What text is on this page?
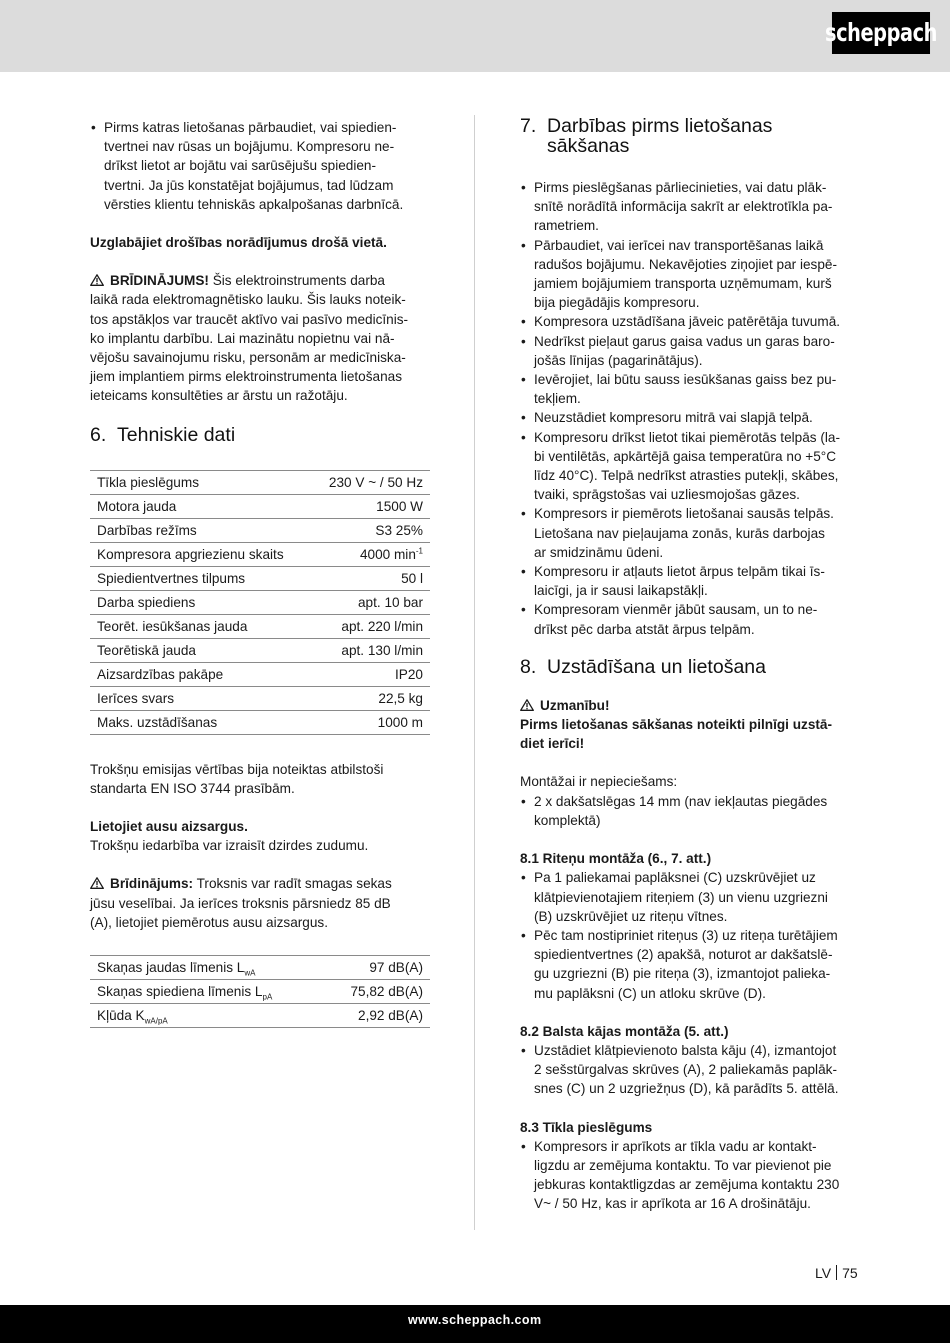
scheppach
• Pirms katras lietošanas pārbaudiet, vai spiedien-
tvertnei nav rūsas un bojājumu. Kompresoru ne-
drīkst lietot ar bojātu vai sarūsējušu spiedien-
tvertni. Ja jūs konstatējat bojājumus, tad lūdzam
vērsties klientu tehniskās apkalpošanas darbnīcā.

Uzglabājiet drošības norādījumus drošā vietā.

BRĪDINĀJUMS! Šis elektroinstruments darba
laikā rada elektromagnētisko lauku. Šis lauks noteik-
tos apstākļos var traucēt aktīvo vai pasīvo medicīnis-
ko implantu darbību. Lai mazinātu nopietnu vai nā-
vējošu savainojumu risku, personām ar medicīniska-
jiem implantiem pirms elektroinstrumenta lietošanas
ieteicams konsultēties ar ārstu un ražotāju.

6. Tehniskie dati
Tīkla pieslēgums	230 V ~ / 50 Hz
Motora jauda	1500 W
Darbības režīms	S3 25%
Kompresora apgriezienu skaits	4000 $\min^{-1}$
Spiedientvertnes tilpums	50 l
Darba spiediens	apt. 10 bar
Teorēt. iesūkšanas jauda	apt. 220 l/min
Teorētiskā jauda	apt. 130 l/min
Aizsardzības pakāpe	IP20
Ierīces svars	22,5 kg
Maks. uzstādīšanas	1000 m

Trokšņu emisijas vērtības bija noteiktas atbilstoši
standarta EN ISO 3744 prasībām.

Lietojiet ausu aizsargus.

Trokšņu iedarbība var izraisīt dzirdes zudumu.

Brīdinājums: Troksnis var radīt smagas sekas
jūsu veselībai. Ja ierīces troksnis pārsniedz 85 dB
(A), lietojiet piemērotus ausu aizsargus.

Skaņas jaudas līmenis $L_{wA}$	97 dB(A)
Skaņas spiediena līmenis $L_{pA}$	75,82 dB(A)
Kļūda $K_{wA/pA}$	2,92 dB(A)
7. Darbības pirms lietošanas
sākšanas
• Pirms pieslēgšanas pārliecinieties, vai datu plāk-
snītē norādītā informācija sakrīt ar elektrotīkla pa-
rametriem.
• Pārbaudiet, vai ierīcei nav transportēšanas laikā
radušos bojājumu. Nekavējoties ziņojiet par iespē-
jamiem bojājumiem transporta uzņēmumam, kurš
bija piegādājis kompresoru.
• Kompresora uzstādīšana jāveic patērētāja tuvumā.
• Nedrīkst pieļaut garus gaisa vadus un garas baro-
jošās līnijas (pagarinātājus).
• Ievērojiet, lai būtu sauss iesūkšanas gaiss bez pu-
tekļiem.
• Neuzstādiet kompresoru mitrā vai slapjā telpā.
• Kompresoru drīkst lietot tikai piemērotās telpās (la-
bi ventilētās, apkārtējā gaisa temperatūra no +5°C
līdz 40°C). Telpā nedrīkst atrasties putekļi, skābes,
tvaiki, sprāgstošas vai uzliesmojošas gāzes.
• Kompresors ir piemērots lietošanai sausās telpās.
Lietošana nav pieļaujama zonās, kurās darbojas
ar smidzināmu ūdeni.
• Kompresoru ir atļauts lietot ārpus telpām tikai īs-
laicīgi, ja ir sausi laikapstākļi.
• Kompresoram vienmēr jābūt sausam, un to ne-
drīkst pēc darba atstāt ārpus telpām.
8. Uzstādīšana un lietošana

Uzmanību!

Pirms lietošanas sākšanas noteikti pilnīgi uzstā-
diet ierīci!

Montāžai ir nepieciešams:

• 2 x dakšatslēgas 14 mm (nav iekļautas piegādes
komplektā)

8.1 Riteņu montāža (6., 7. att.)

• Pa 1 paliekamai paplāksnei (C) uzskrūvējiet uz
klātpievienotajiem riteņiem (3) un vienu uzgriezni
(B) uzskrūvējiet uz riteņu vītnes.
• Pēc tam nostipriniet riteņus (3) uz riteņa turētājiem
spiedientvertnes (2) apakšā, noturot ar dakšatslē-
gu uzgriezni (B) pie riteņa (3), izmantojot palieka-
mu paplāksni (C) un atloku skrūve (D).

8.2 Balsta kājas montāža (5. att.)

• Uzstādiet klātpievienoto balsta kāju (4), izmantojot
2 sešstūrgalvas skrūves (A), 2 paliekamās paplāk-
snes (C) un 2 uzgriežņus (D), kā parādīts 5. attēlā.

8.3 Tīkla pieslēgums

• Kompresors ir aprīkots ar tīkla vadu ar kontakt-
ligzdu ar zemējuma kontaktu. To var pievienot pie
jebkuras kontaktligzdas ar zemējuma kontaktu 230
V~ / 50 Hz, kas ir aprīkota ar 16 A drošinātāju.
LV 75
www.scheppach.com
